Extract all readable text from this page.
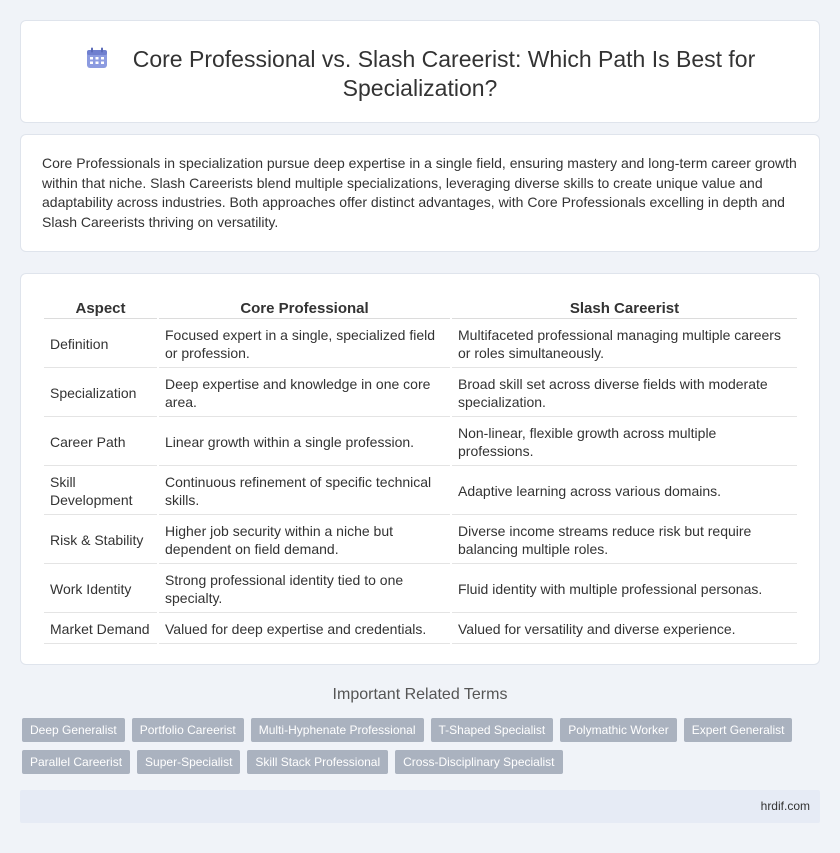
Core Professional vs. Slash Careerist: Which Path Is Best for Specialization?

Core Professionals in specialization pursue deep expertise in a single field, ensuring mastery and long-term career growth within that niche. Slash Careerists blend multiple specializations, leveraging diverse skills to create unique value and adaptability across industries. Both approaches offer distinct advantages, with Core Professionals excelling in depth and Slash Careerists thriving on versatility.

Aspect	Core Professional	Slash Careerist
Definition	Focused expert in a single, specialized field or profession.	Multifaceted professional managing multiple careers or roles simultaneously.
Specialization	Deep expertise and knowledge in one core area.	Broad skill set across diverse fields with moderate specialization.
Career Path	Linear growth within a single profession.	Non-linear, flexible growth across multiple professions.
Skill Development	Continuous refinement of specific technical skills.	Adaptive learning across various domains.
Risk & Stability	Higher job security within a niche but dependent on field demand.	Diverse income streams reduce risk but require balancing multiple roles.
Work Identity	Strong professional identity tied to one specialty.	Fluid identity with multiple professional personas.
Market Demand	Valued for deep expertise and credentials.	Valued for versatility and diverse experience.
Important Related Terms
Deep Generalist	Portfolio Careerist	Multi-Hyphenate Professional	T-Shaped Specialist	Polymathic Worker	Expert Generalist
Parallel Careerist	Super-Specialist	Skill Stack Professional	Cross-Disciplinary Specialist
hrdif.com
